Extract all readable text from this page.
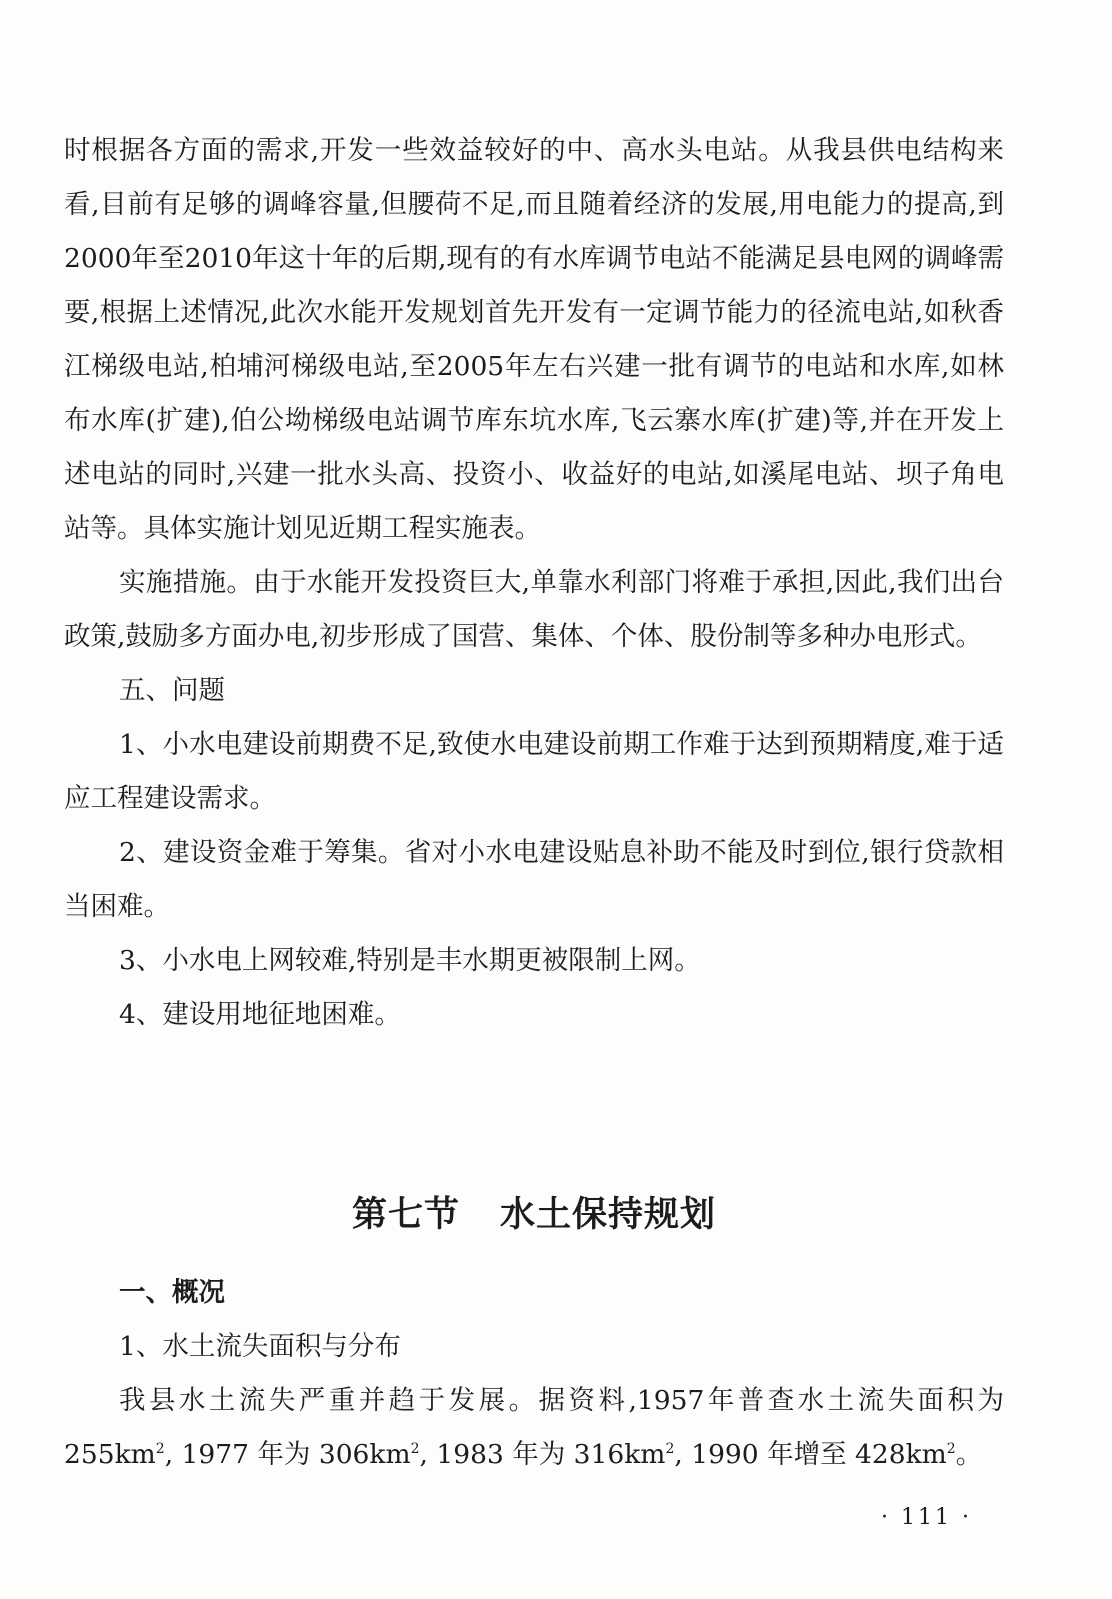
时根据各方面的需求,开发一些效益较好的中、高水头电站。从我县供电结构来看,目前有足够的调峰容量,但腰荷不足,而且随着经济的发展,用电能力的提高,到2000年至2010年这十年的后期,现有的有水库调节电站不能满足县电网的调峰需要,根据上述情况,此次水能开发规划首先开发有一定调节能力的径流电站,如秋香江梯级电站,柏埔河梯级电站,至2005年左右兴建一批有调节的电站和水库,如林布水库(扩建),伯公坳梯级电站调节库东坑水库,飞云寨水库(扩建)等,并在开发上述电站的同时,兴建一批水头高、投资小、收益好的电站,如溪尾电站、坝子角电站等。具体实施计划见近期工程实施表。

实施措施。由于水能开发投资巨大,单靠水利部门将难于承担,因此,我们出台政策,鼓励多方面办电,初步形成了国营、集体、个体、股份制等多种办电形式。

五、问题

1、小水电建设前期费不足,致使水电建设前期工作难于达到预期精度,难于适应工程建设需求。

2、建设资金难于筹集。省对小水电建设贴息补助不能及时到位,银行贷款相当困难。

3、小水电上网较难,特别是丰水期更被限制上网。

4、建设用地征地困难。

第七节 水土保持规划

一、概况

1、水土流失面积与分布

我县水土流失严重并趋于发展。据资料,1957年普查水土流失面积为$255km^2$, 1977 年为 $306km^2$, 1983 年为 $316km^2$, 1990 年增至 $428km^2$。

· 111 ·
